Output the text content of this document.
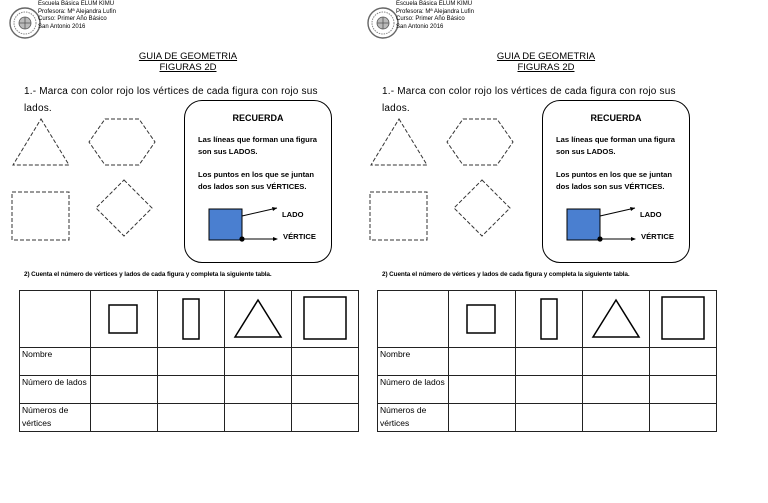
Escuela Básica ELUM KIMU
Profesora: Mª Alejandra Lufin
Curso: Primer Año Básico
San Antonio 2016
GUIA DE GEOMETRIA
FIGURAS 2D
1.- Marca con color rojo los vértices de cada figura con rojo sus lados.
RECUERDA
Las líneas que forman una figura son sus LADOS.
Los puntos en los que se juntan dos lados son sus VÉRTICES.
LADO
VÉRTICE
2) Cuenta el número de vértices y lados de cada figura y completa la siguiente tabla.

Nombre				
Número de lados				
Números de vértices				
Escuela Básica ELUM KIMU
Profesora: Mª Alejandra Lufin
Curso: Primer Año Básico
San Antonio 2016
GUIA DE GEOMETRIA
FIGURAS 2D
1.- Marca con color rojo los vértices de cada figura con rojo sus lados.
RECUERDA
Las líneas que forman una figura son sus LADOS.
Los puntos en los que se juntan dos lados son sus VÉRTICES.
LADO
VÉRTICE
2) Cuenta el número de vértices y lados de cada figura y completa la siguiente tabla.

Nombre				
Número de lados				
Números de vértices				
